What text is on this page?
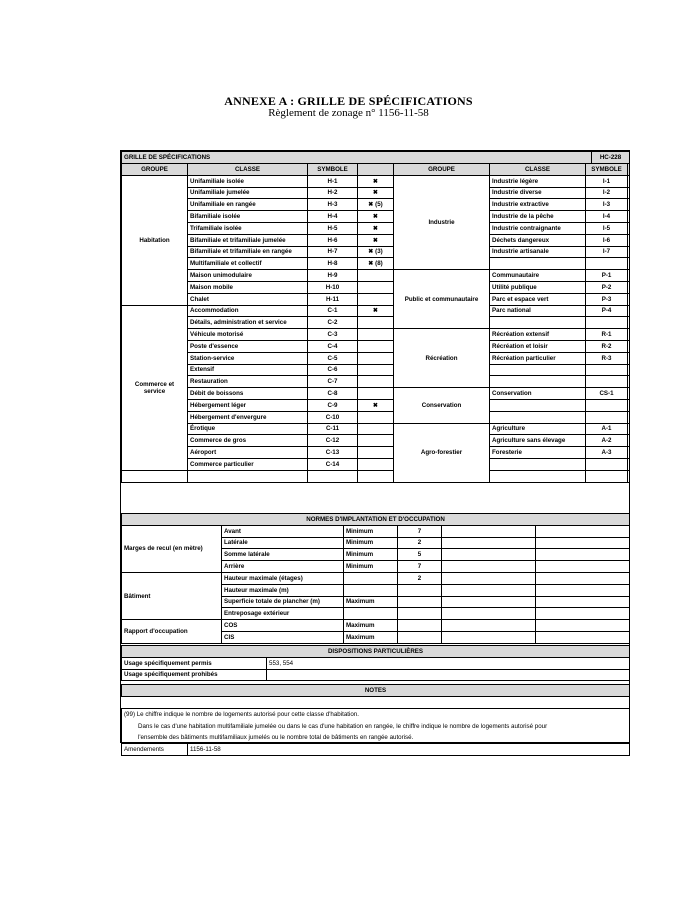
ANNEXE A : GRILLE DE SPÉCIFICATIONS
Règlement de zonage n° 1156-11-58
GRILLE DE SPÉCIFICATIONS	HC-228
GROUPE	CLASSE	SYMBOLE		GROUPE	CLASSE	SYMBOLE	
Habitation	Unifamiliale isolée	H-1	✖	Industrie	Industrie légère	I-1	
	Unifamiliale jumelée	H-2	✖		Industrie diverse	I-2	
	Unifamiliale en rangée	H-3	✖ (5)		Industrie extractive	I-3	
	Bifamiliale isolée	H-4	✖		Industrie de la pêche	I-4	
	Trifamiliale isolée	H-5	✖		Industrie contraignante	I-5	
	Bifamiliale et trifamiliale jumelée	H-6	✖		Déchets dangereux	I-6	
	Bifamiliale et trifamiliale en rangée	H-7	✖ (3)		Industrie artisanale	I-7	
	Multifamiliale et collectif	H-8	✖ (8)				
	Maison unimodulaire	H-9		Public et communautaire	Communautaire	P-1	
	Maison mobile	H-10			Utilité publique	P-2	
	Chalet	H-11			Parc et espace vert	P-3	
Commerce et service	Accommodation	C-1	✖		Parc national	P-4	
	Détails, administration et service	C-2					
	Véhicule motorisé	C-3		Récréation	Récréation extensif	R-1	
	Poste d'essence	C-4			Récréation et loisir	R-2	
	Station-service	C-5			Récréation particulier	R-3	
	Extensif	C-6					
	Restauration	C-7					
	Débit de boissons	C-8		Conservation	Conservation	CS-1	
	Hébergement léger	C-9	✖				
	Hébergement d'envergure	C-10					
	Érotique	C-11		Agro-forestier	Agriculture	A-1	
	Commerce de gros	C-12			Agriculture sans élevage	A-2	
	Aéroport	C-13			Foresterie	A-3	
	Commerce particulier	C-14					

NORMES D'IMPLANTATION ET D'OCCUPATION					
Marges de recul (en mètre)	Avant	Minimum	7		
	Latérale	Minimum	2		
	Somme latérale	Minimum	5		
	Arrière	Minimum	7		
Bâtiment	Hauteur maximale (étages)		2		
	Hauteur maximale (m)				
	Superficie totale de plancher (m)	Maximum			
	Entreposage extérieur				
Rapport d'occupation	COS	Maximum			
	CIS	Maximum			
DISPOSITIONS PARTICULIÈRES	
Usage spécifiquement permis	553, 554
Usage spécifiquement prohibés	

NOTES	
(99) Le chiffre indique le nombre de logements autorisé pour cette classe d'habitation.
Dans le cas d'une habitation multifamiliale jumelée ou dans le cas d'une habitation en rangée, le chiffre indique le nombre de logements autorisé pour
l'ensemble des bâtiments multifamiliaux jumelés ou le nombre total de bâtiments en rangée autorisé.
Amendements	1156-11-58
